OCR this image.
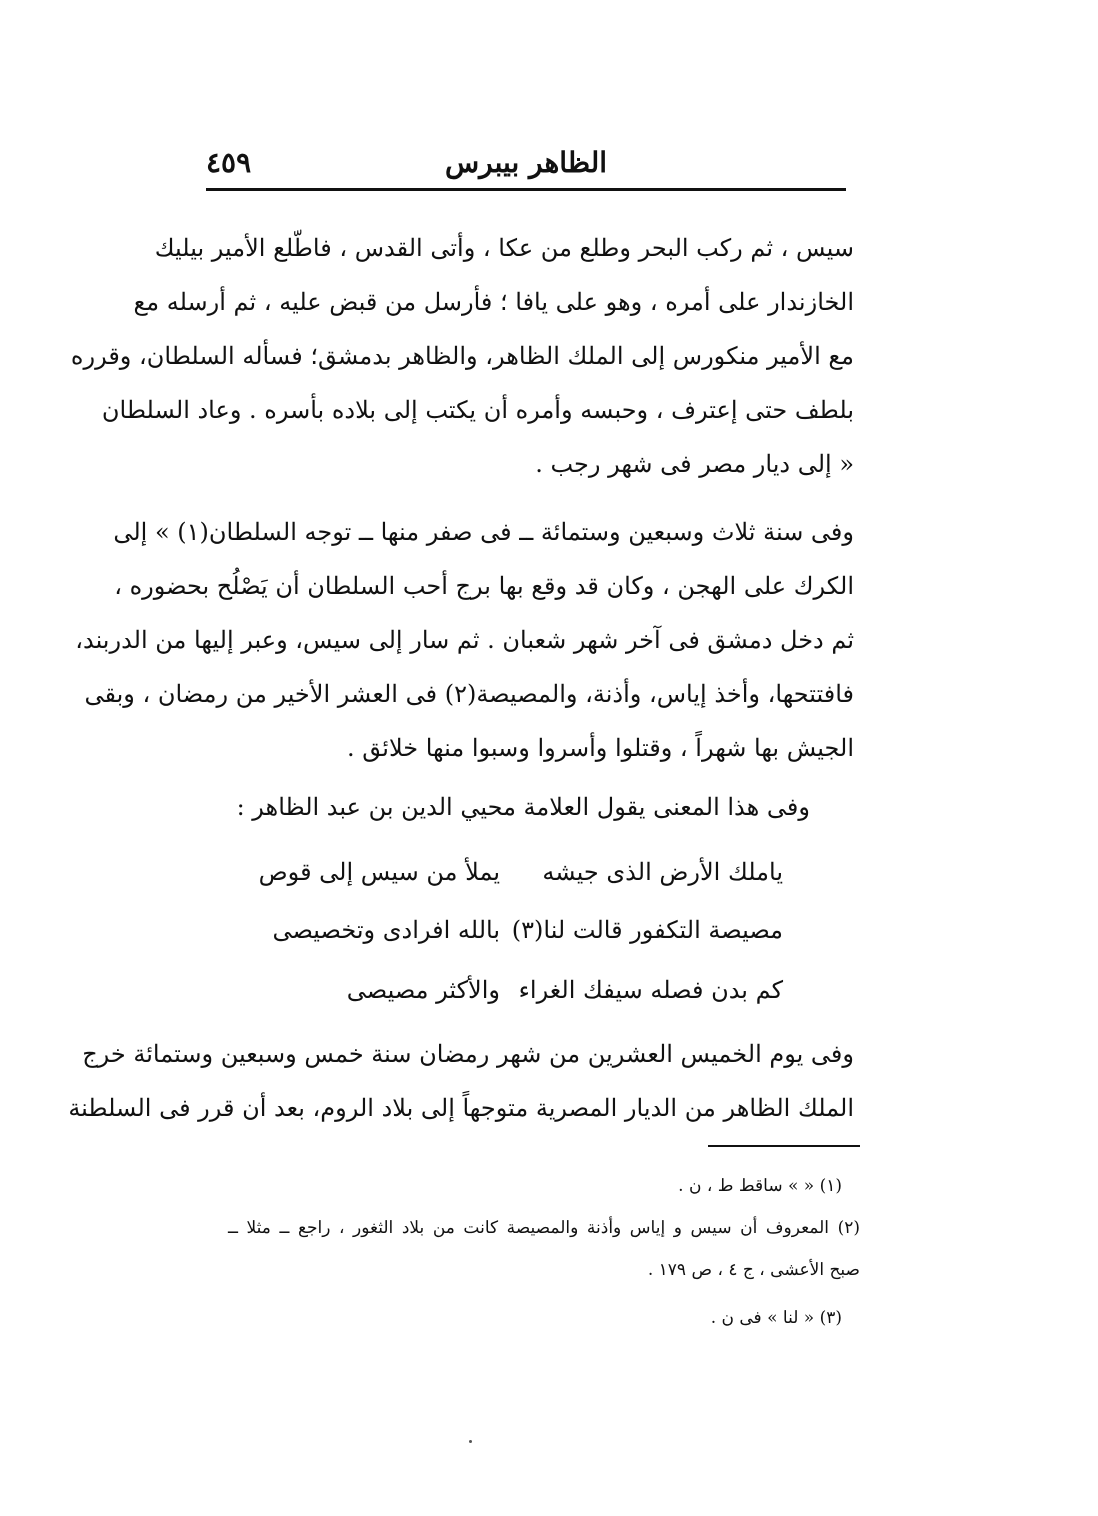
الظاهر بيبرس
٤٥٩
سيس ، ثم ركب البحر وطلع من عكا ، وأتى القدس ، فاطّلع الأمير بيليك
الخازندار على أمره ، وهو على يافا ؛ فأرسل من قبض عليه ، ثم أرسله مع
مع الأمير منكورس إلى الملك الظاهر، والظاهر بدمشق؛ فسأله السلطان، وقرره
بلطف حتى إعترف ، وحبسه وأمره أن يكتب إلى بلاده بأسره . وعاد السلطان
« إلى ديار مصر فى شهر رجب .
وفى سنة ثلاث وسبعين وستمائة ــ فى صفر منها ــ توجه السلطان(١) » إلى
الكرك على الهجن ، وكان قد وقع بها برج أحب السلطان أن يَصْلُح بحضوره ،
ثم دخل دمشق فى آخر شهر شعبان . ثم سار إلى سيس، وعبر إليها من الدربند،
فافتتحها، وأخذ إياس، وأذنة، والمصيصة(٢) فى العشر الأخير من رمضان ، وبقى
الجيش بها شهراً ، وقتلوا وأسروا وسبوا منها خلائق .
وفى هذا المعنى يقول العلامة محيي الدين بن عبد الظاهر :
ياملك الأرض الذى جيشه
يملأ من سيس إلى قوص
مصيصة التكفور قالت لنا(٣)
بالله افرادى وتخصيصى
كم بدن فصله سيفك الغراء
والأكثر مصيصى
وفى يوم الخميس العشرين من شهر رمضان سنة خمس وسبعين وستمائة خرج
الملك الظاهر من الديار المصرية متوجهاً إلى بلاد الروم، بعد أن قرر فى السلطنة
(١) « » ساقط ط ، ن .
(٢) المعروف أن سيس و إياس وأذنة والمصيصة كانت من بلاد الثغور ، راجع ــ مثلا ــ
صبح الأعشى ، ج ٤ ، ص ١٧٩ .
(٣) « لنا » فى ن .
